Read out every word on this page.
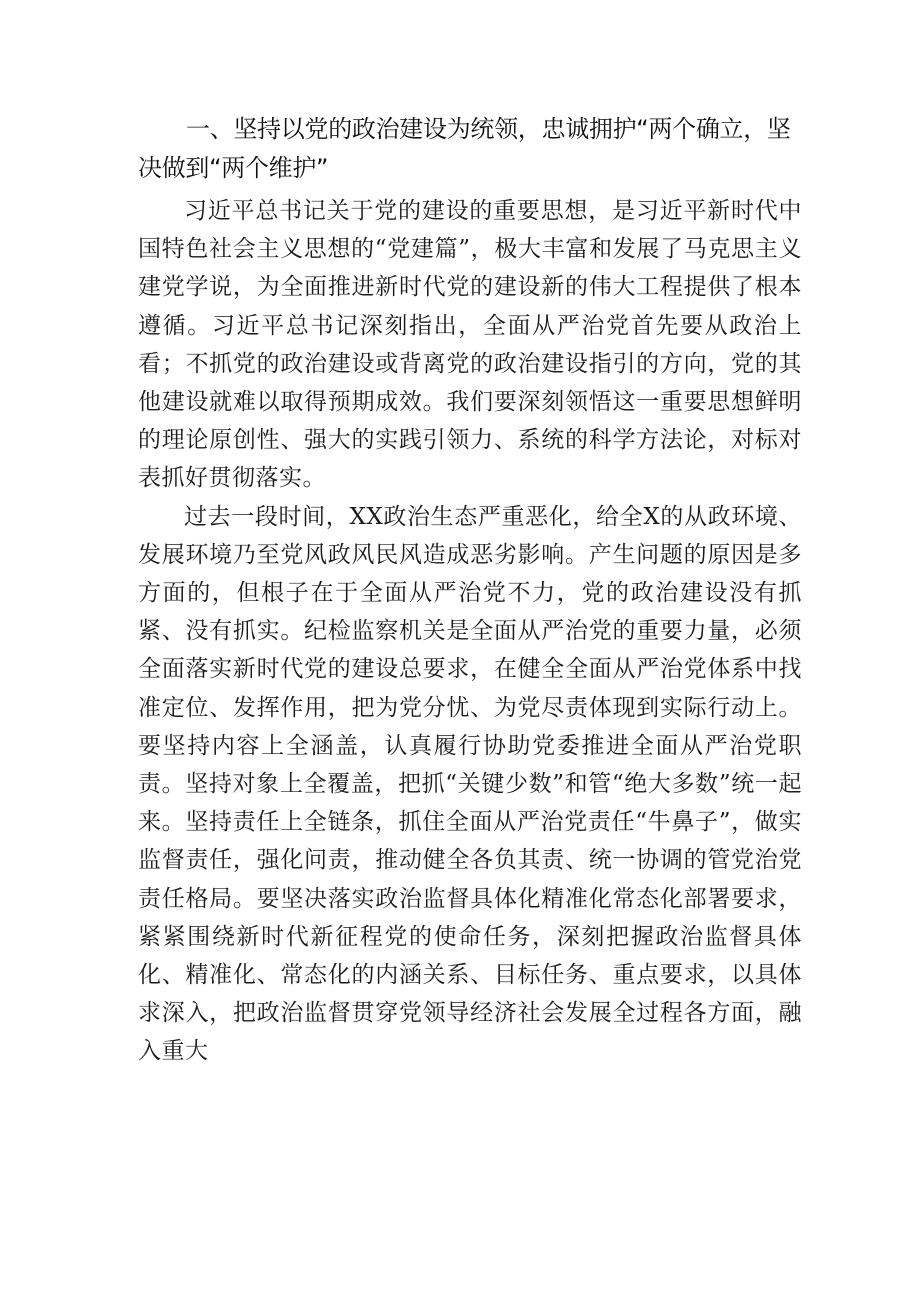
一、坚持以党的政治建设为统领，忠诚拥护“两个确立，坚决做到“两个维护”

习近平总书记关于党的建设的重要思想，是习近平新时代中国特色社会主义思想的“党建篇”，极大丰富和发展了马克思主义建党学说，为全面推进新时代党的建设新的伟大工程提供了根本遵循。习近平总书记深刻指出，全面从严治党首先要从政治上看；不抓党的政治建设或背离党的政治建设指引的方向，党的其他建设就难以取得预期成效。我们要深刻领悟这一重要思想鲜明的理论原创性、强大的实践引领力、系统的科学方法论，对标对表抓好贯彻落实。

过去一段时间，XX政治生态严重恶化，给全X的从政环境、发展环境乃至党风政风民风造成恶劣影响。产生问题的原因是多方面的，但根子在于全面从严治党不力，党的政治建设没有抓紧、没有抓实。纪检监察机关是全面从严治党的重要力量，必须全面落实新时代党的建设总要求，在健全全面从严治党体系中找准定位、发挥作用，把为党分忧、为党尽责体现到实际行动上。要坚持内容上全涵盖，认真履行协助党委推进全面从严治党职责。坚持对象上全覆盖，把抓“关键少数”和管“绝大多数”统一起来。坚持责任上全链条，抓住全面从严治党责任“牛鼻子”，做实监督责任，强化问责，推动健全各负其责、统一协调的管党治党责任格局。要坚决落实政治监督具体化精准化常态化部署要求，紧紧围绕新时代新征程党的使命任务，深刻把握政治监督具体化、精准化、常态化的内涵关系、目标任务、重点要求，以具体求深入，把政治监督贯穿党领导经济社会发展全过程各方面，融入重大
